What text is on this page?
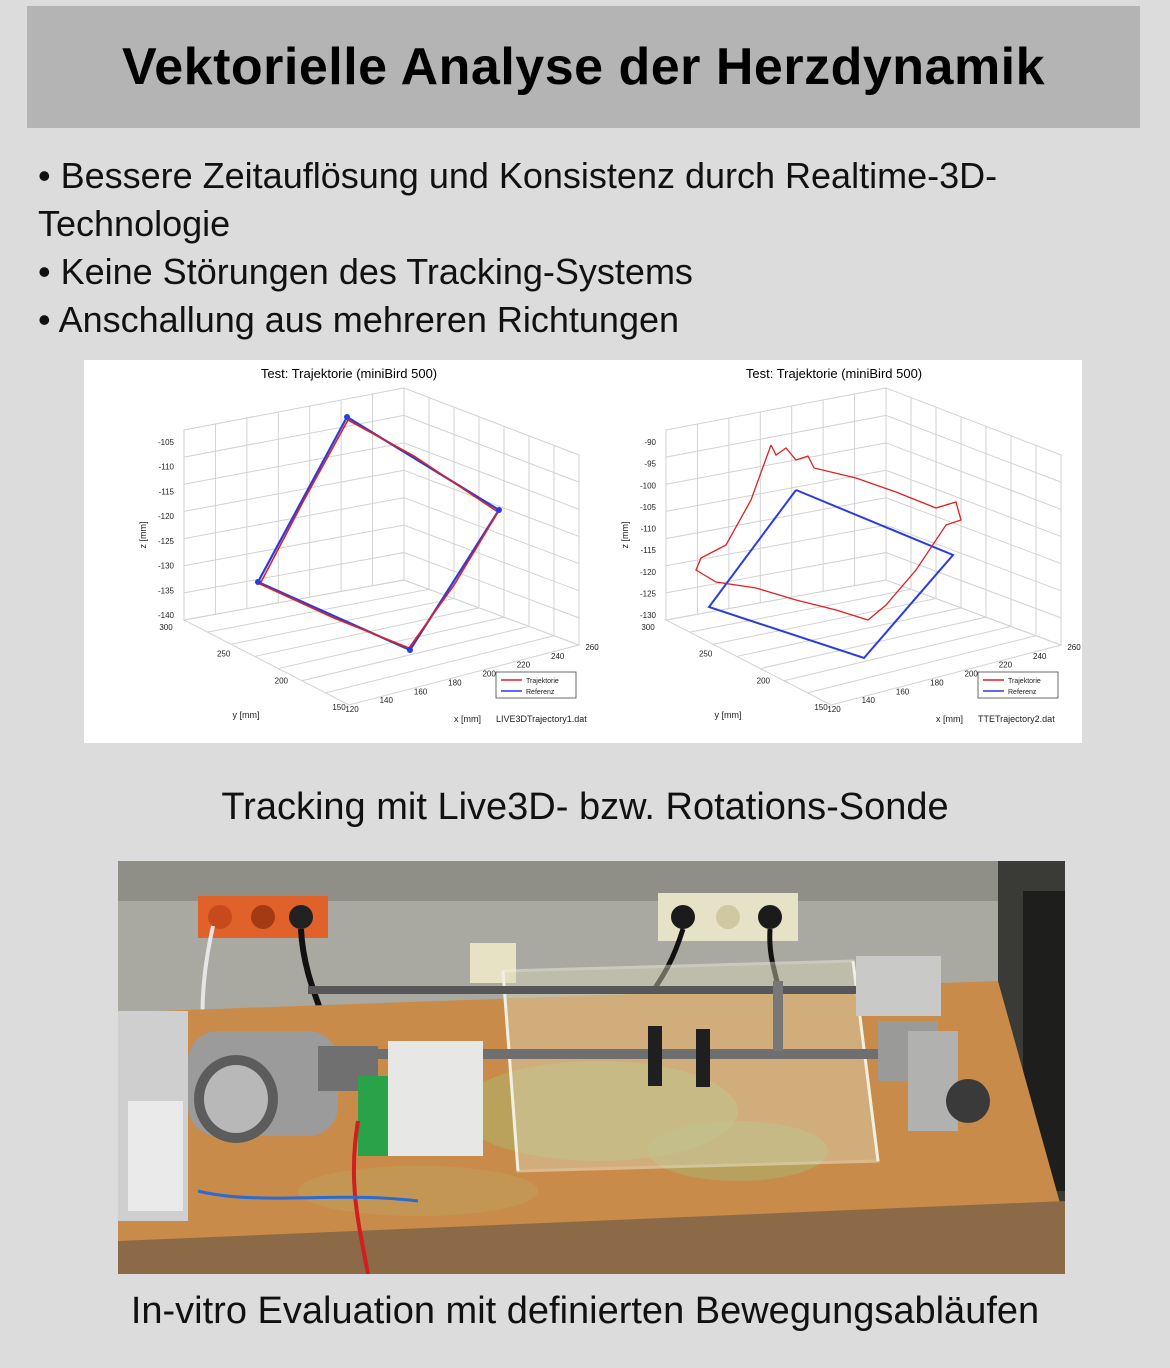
Vektorielle Analyse der Herzdynamik
• Bessere Zeitauflösung und Konsistenz durch Realtime-3D-
Technologie
• Keine Störungen des Tracking-Systems
• Anschallung aus mehreren Richtungen
Test: Trajektorie (miniBird 500)
-105
-110
-115
-120
-125
-130
-135
-140
z [mm]
300
250
200
150
y [mm]
120
140
160
180
200
220
240
260
x [mm] LIVE3DTrajectory1.dat
Trajektorie
Referenz
Test: Trajektorie (miniBird 500)
-90
-95
-100
-105
-110
-115
-120
-125
-130
z [mm]
300
250
200
150
y [mm]
120
140
160
180
200
220
240
260
x [mm] TTETrajectory2.dat
Trajektorie
Referenz
Tracking mit Live3D- bzw. Rotations-Sonde
In-vitro Evaluation mit definierten Bewegungsabläufen
